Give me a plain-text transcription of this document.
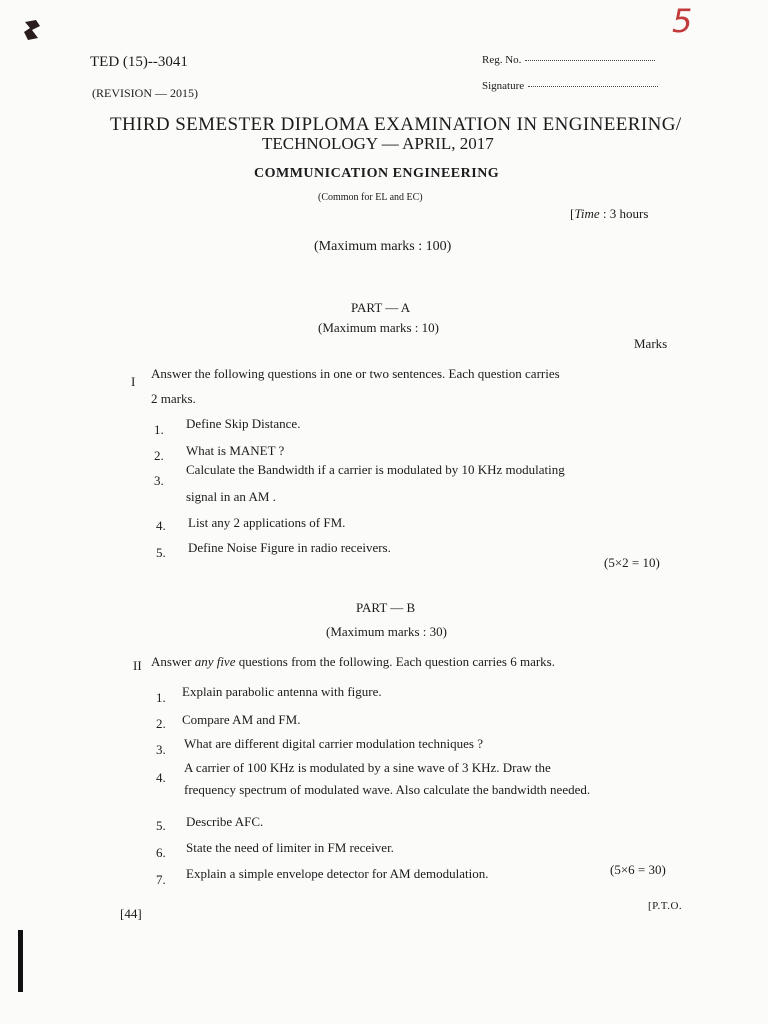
5
TED (15)--3041
(REVISION — 2015)
Reg. No.
Signature
THIRD SEMESTER DIPLOMA EXAMINATION IN ENGINEERING/
TECHNOLOGY — APRIL, 2017
COMMUNICATION ENGINEERING
(Common for EL and EC)
[Time : 3 hours
(Maximum marks : 100)
PART — A
(Maximum marks : 10)
Marks
I
Answer the following questions in one or two sentences. Each question carries
2 marks.
1. Define Skip Distance.
2. What is MANET ?
3.
Calculate the Bandwidth if a carrier is modulated by 10 KHz modulating
signal in an AM .
4. List any 2 applications of FM.
5. Define Noise Figure in radio receivers.
(5×2 = 10)
PART — B
(Maximum marks : 30)
II Answer any five questions from the following. Each question carries 6 marks.
1. Explain parabolic antenna with figure.
2. Compare AM and FM.
3. What are different digital carrier modulation techniques ?
4.
A carrier of 100 KHz is modulated by a sine wave of 3 KHz. Draw the
frequency spectrum of modulated wave. Also calculate the bandwidth needed.
5. Describe AFC.
6. State the need of limiter in FM receiver.
7. Explain a simple envelope detector for AM demodulation.	(5×6 = 30)
[44]	[P.T.O.
